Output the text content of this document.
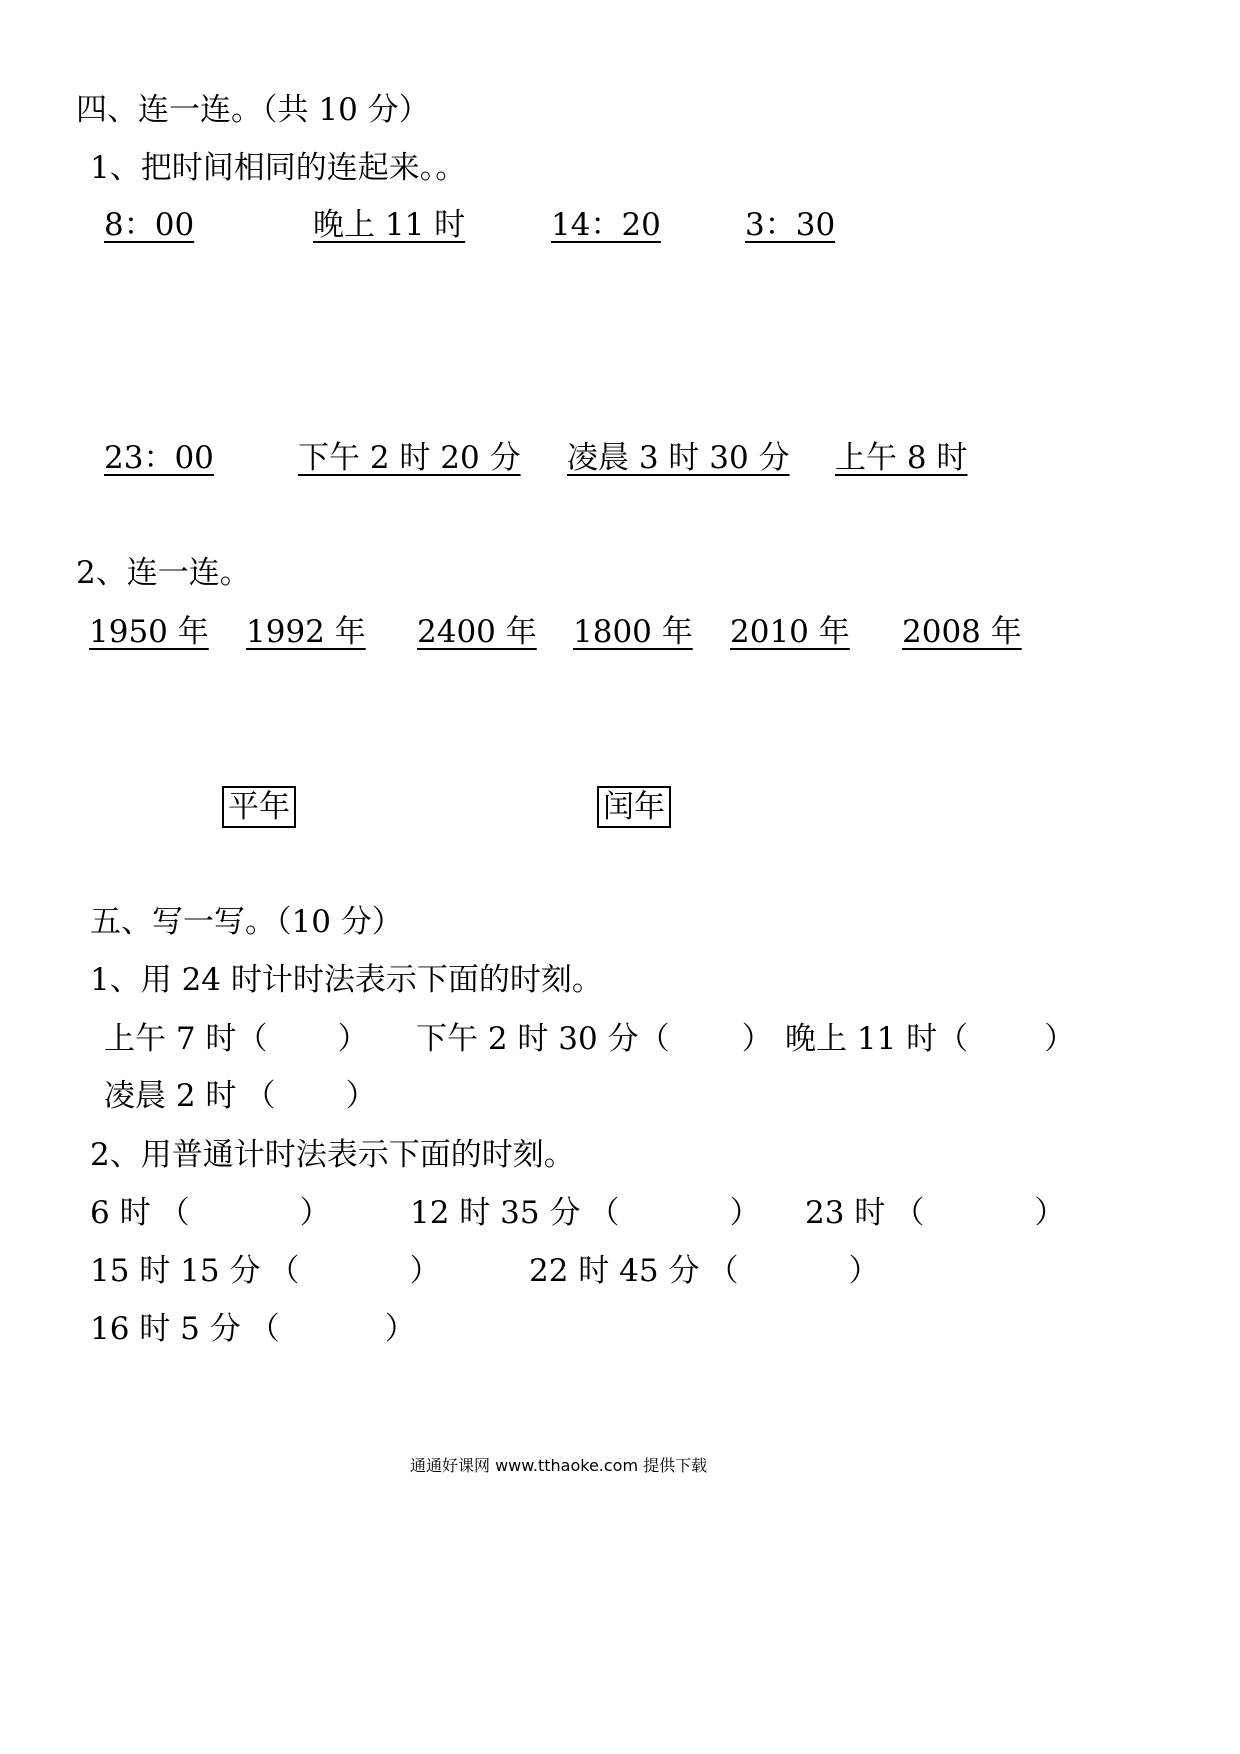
四、连一连。（共 10 分）
1、把时间相同的连起来。。
8：00	晚上 11 时	14：20	3：30
23：00	下午 2 时 20 分 凌晨 3 时 30 分 上午 8 时
2、连一连。
1950 年 1992 年 2400 年 1800 年 2010 年 2008 年
平年	闰年
五、写一写。（10 分）
1、用 24 时计时法表示下面的时刻。
上午 7 时 （ ） 下午 2 时 30 分 （ ） 晚上 11 时 （ ）
凌晨 2 时 （ ）
2、用普通计时法表示下面的时刻。
6 时 （	）	12 时 35 分 （	） 23 时 （	）
15 时 15 分 （	）	22 时 45 分 （	）
16 时 5 分 （	）
通通好课网 www.tthaoke.com 提供下载
